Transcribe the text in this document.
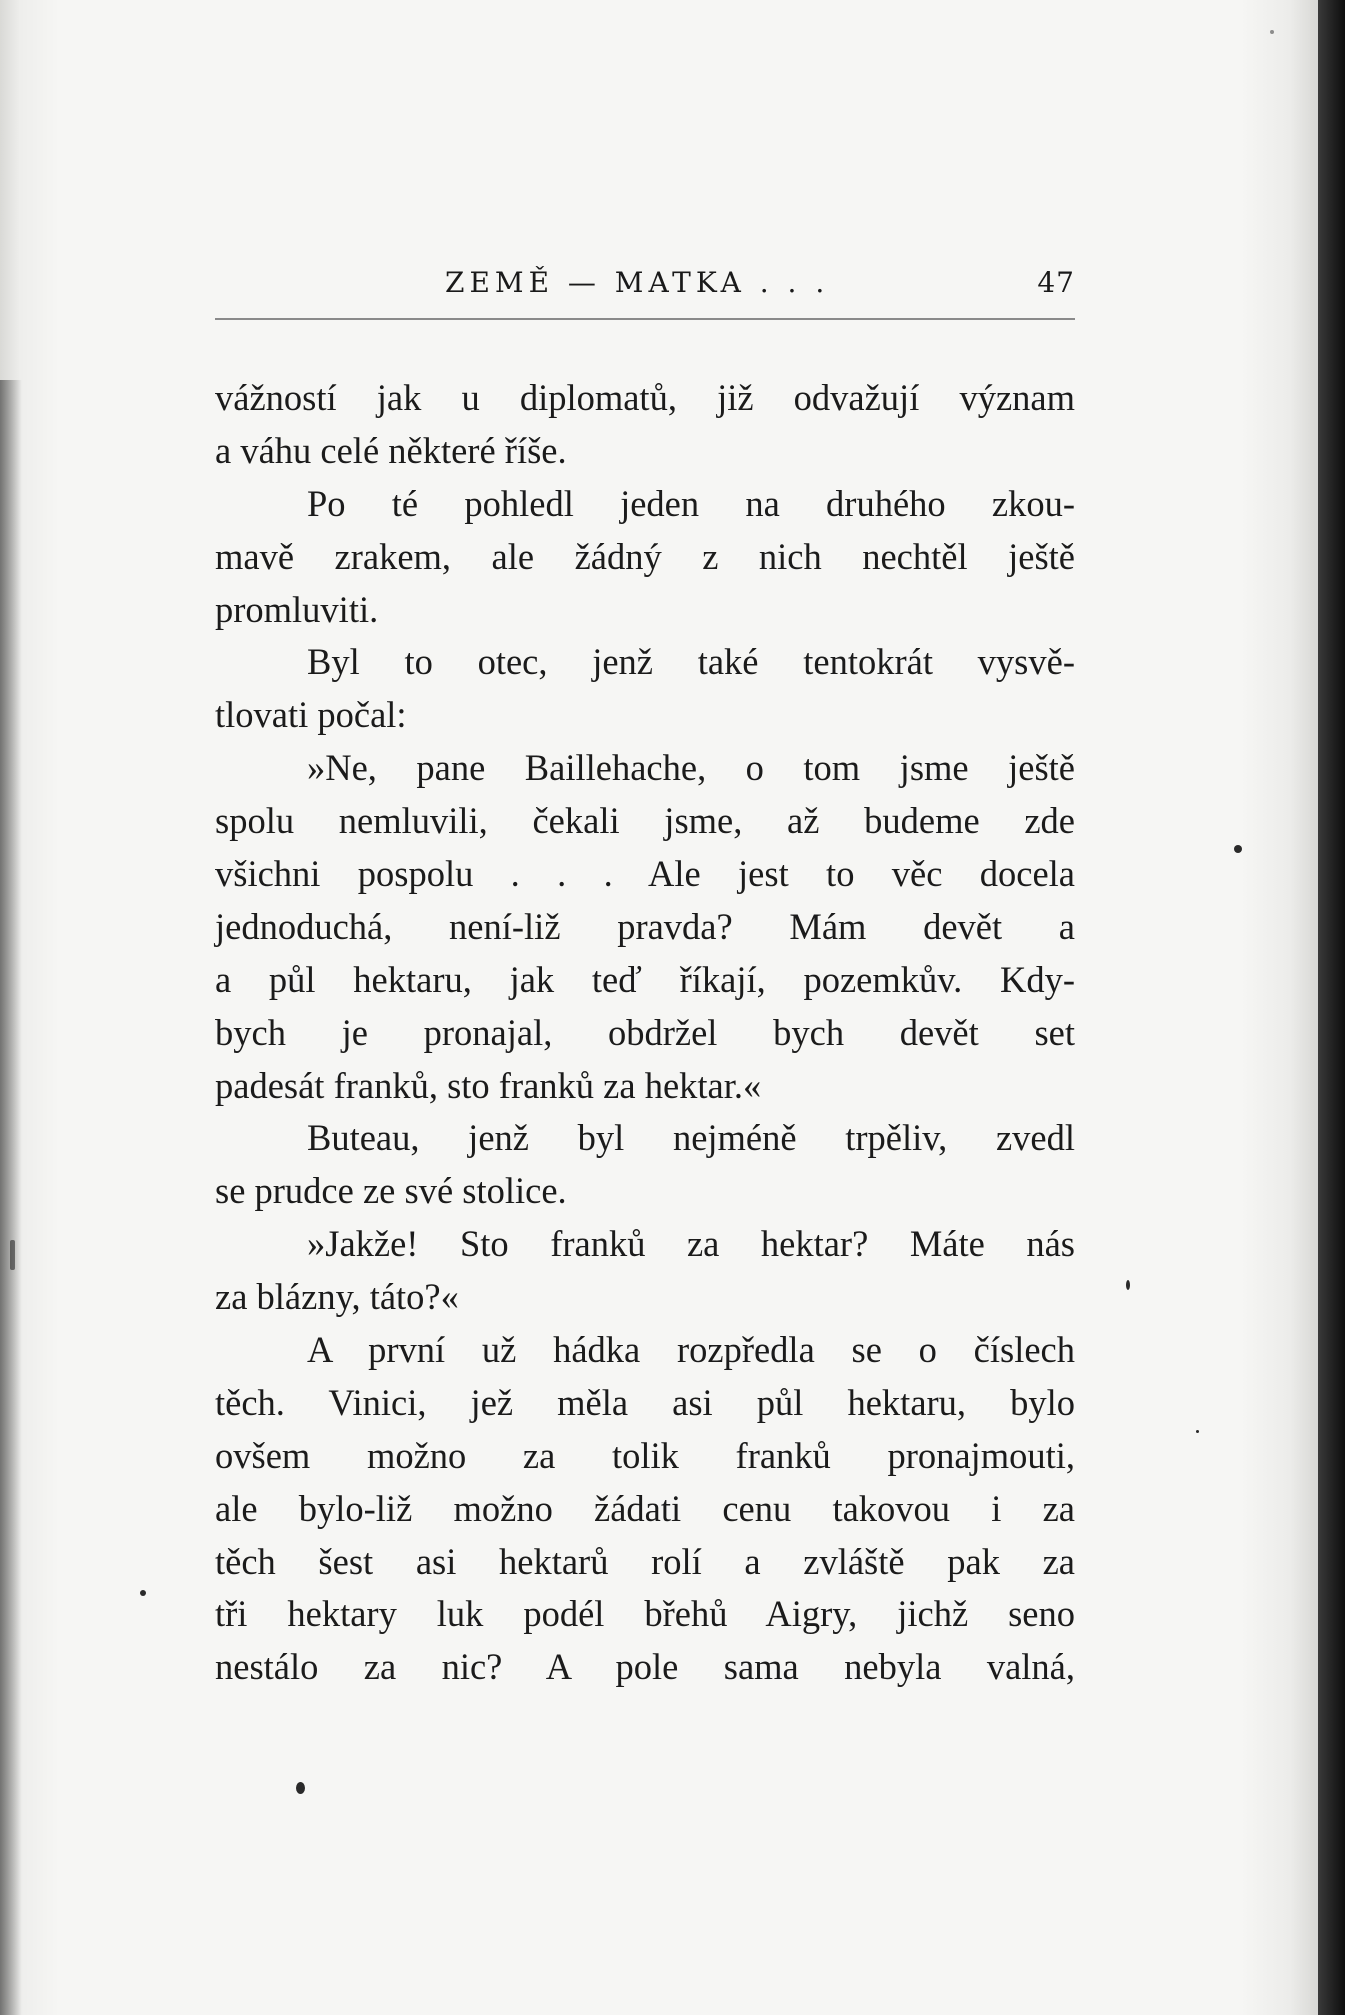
ZEMĚ — MATKA . . .	47
vážností jak u diplomatů, již odvažují význam
a váhu celé některé říše.
Po té pohledl jeden na druhého zkou-
mavě zrakem, ale žádný z nich nechtěl ještě
promluviti.
Byl to otec, jenž také tentokrát vysvě-
tlovati počal:
»Ne, pane Baillehache, o tom jsme ještě
spolu nemluvili, čekali jsme, až budeme zde
všichni pospolu . . . Ale jest to věc docela
jednoduchá, není-liž pravda? Mám devět a
a půl hektaru, jak teď říkají, pozemkův. Kdy-
bych je pronajal, obdržel bych devět set
padesát franků, sto franků za hektar.«
Buteau, jenž byl nejméně trpěliv, zvedl
se prudce ze své stolice.
»Jakže! Sto franků za hektar? Máte nás
za blázny, táto?«
A první už hádka rozpředla se o číslech
těch. Vinici, jež měla asi půl hektaru, bylo
ovšem možno za tolik franků pronajmouti,
ale bylo-liž možno žádati cenu takovou i za
těch šest asi hektarů rolí a zvláště pak za
tři hektary luk podél břehů Aigry, jichž seno
nestálo za nic? A pole sama nebyla valná,
